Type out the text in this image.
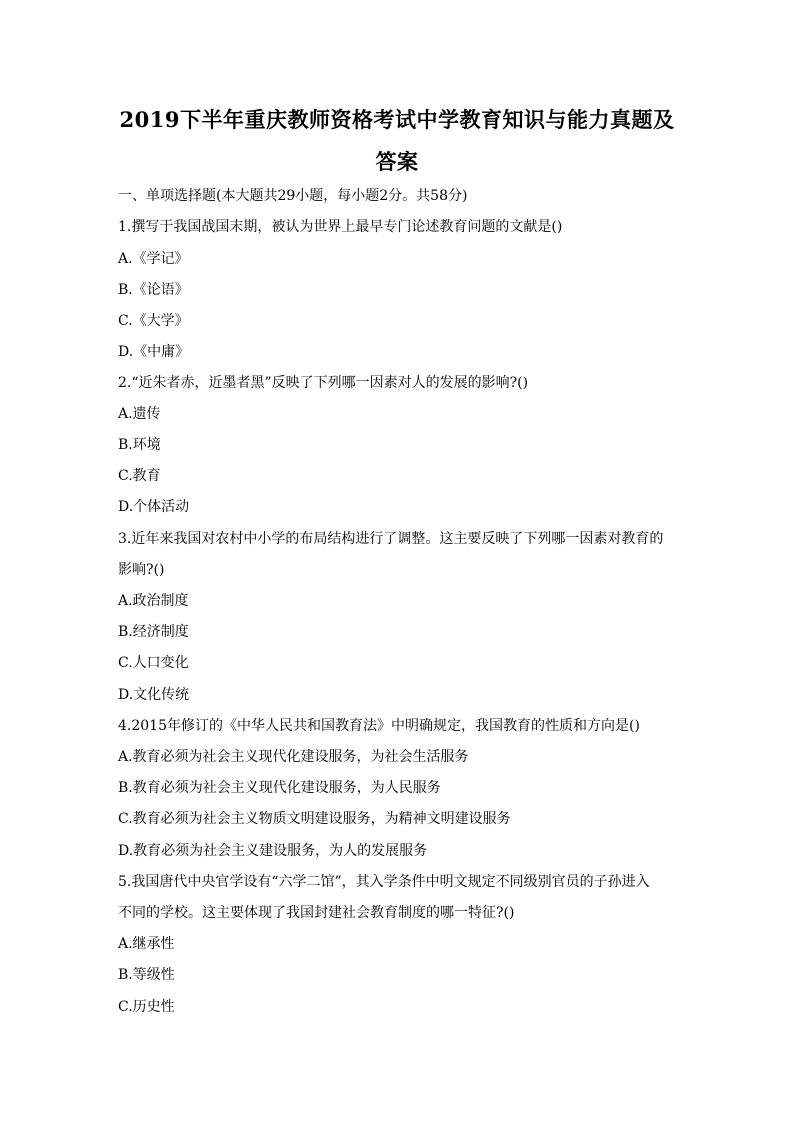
2019下半年重庆教师资格考试中学教育知识与能力真题及
答案
一、单项选择题(本大题共29小题，每小题2分。共58分)
1.撰写于我国战国末期，被认为世界上最早专门论述教育问题的文献是()
A.《学记》
B.《论语》
C.《大学》
D.《中庸》
2.“近朱者赤，近墨者黑”反映了下列哪一因素对人的发展的影响?()
A.遗传
B.环境
C.教育
D.个体活动
3.近年来我国对农村中小学的布局结构进行了调整。这主要反映了下列哪一因素对教育的
影响?()
A.政治制度
B.经济制度
C.人口变化
D.文化传统
4.2015年修订的《中华人民共和国教育法》中明确规定，我国教育的性质和方向是()
A.教育必须为社会主义现代化建设服务，为社会生活服务
B.教育必须为社会主义现代化建设服务，为人民服务
C.教育必须为社会主义物质文明建设服务，为精神文明建设服务
D.教育必须为社会主义建设服务，为人的发展服务
5.我国唐代中央官学设有“六学二馆”，其入学条件中明文规定不同级别官员的子孙进入
不同的学校。这主要体现了我国封建社会教育制度的哪一特征?()
A.继承性
B.等级性
C.历史性
